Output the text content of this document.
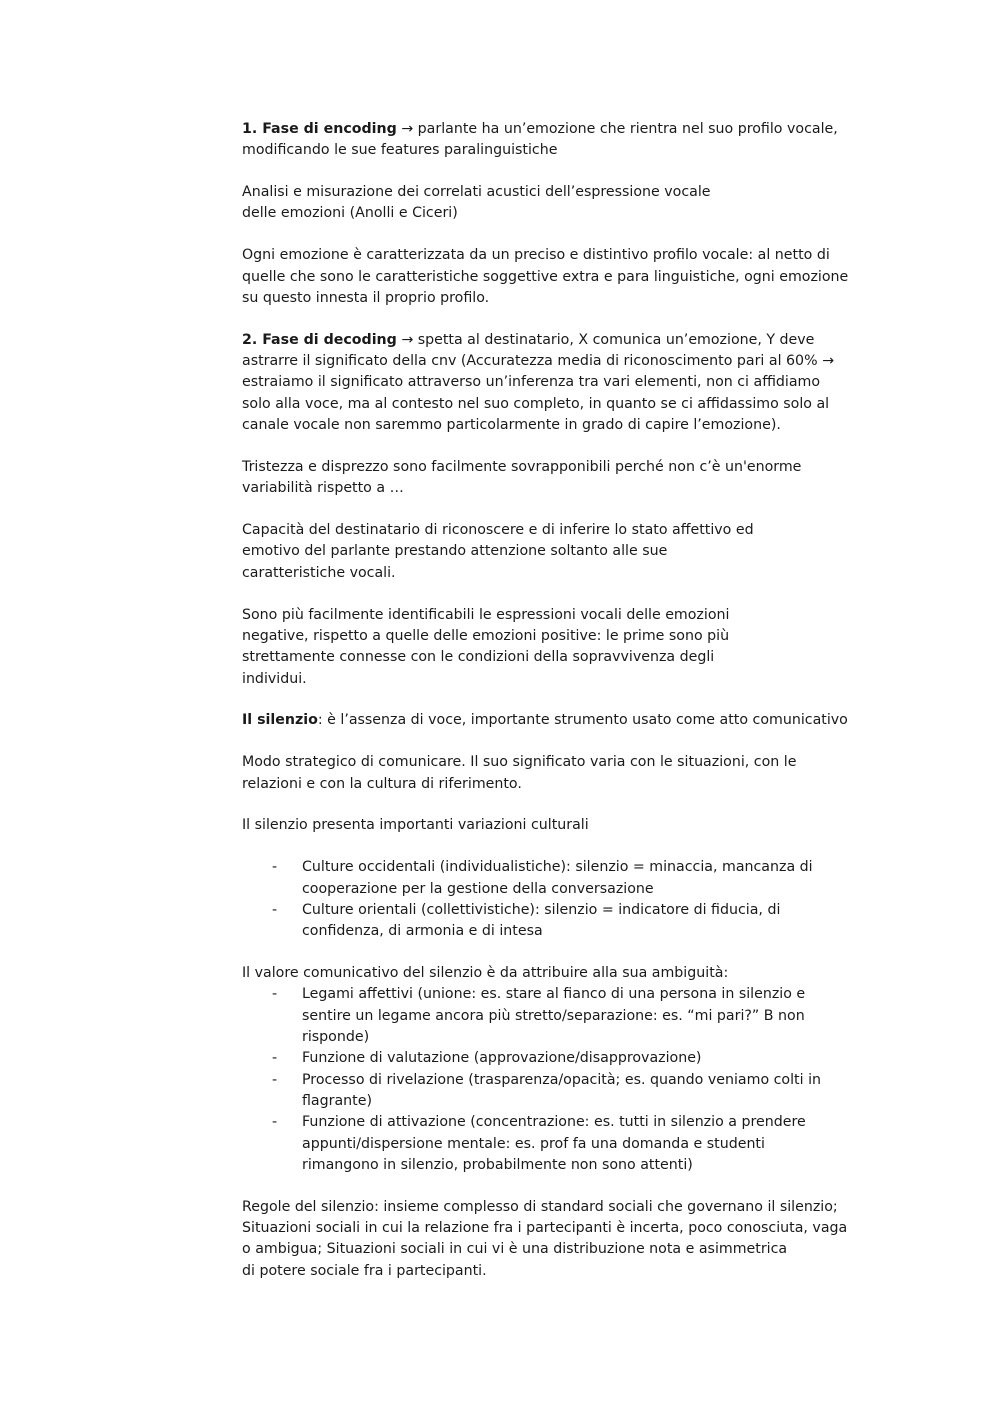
1. Fase di encoding → parlante ha un’emozione che rientra nel suo profilo vocale,
modificando le sue features paralinguistiche

Analisi e misurazione dei correlati acustici dell’espressione vocale
delle emozioni (Anolli e Ciceri)

Ogni emozione è caratterizzata da un preciso e distintivo profilo vocale: al netto di
quelle che sono le caratteristiche soggettive extra e para linguistiche, ogni emozione
su questo innesta il proprio profilo.

2. Fase di decoding → spetta al destinatario, X comunica un’emozione, Y deve
astrarre il significato della cnv (Accuratezza media di riconoscimento pari al 60% →
estraiamo il significato attraverso un’inferenza tra vari elementi, non ci affidiamo
solo alla voce, ma al contesto nel suo completo, in quanto se ci affidassimo solo al
canale vocale non saremmo particolarmente in grado di capire l’emozione).

Tristezza e disprezzo sono facilmente sovrapponibili perché non c’è un'enorme
variabilità rispetto a …

Capacità del destinatario di riconoscere e di inferire lo stato affettivo ed
emotivo del parlante prestando attenzione soltanto alle sue
caratteristiche vocali.

Sono più facilmente identificabili le espressioni vocali delle emozioni
negative, rispetto a quelle delle emozioni positive: le prime sono più
strettamente connesse con le condizioni della sopravvivenza degli
individui.

Il silenzio: è l’assenza di voce, importante strumento usato come atto comunicativo

Modo strategico di comunicare. Il suo significato varia con le situazioni, con le
relazioni e con la cultura di riferimento.

Il silenzio presenta importanti variazioni culturali

- Culture occidentali (individualistiche): silenzio = minaccia, mancanza di
cooperazione per la gestione della conversazione
- Culture orientali (collettivistiche): silenzio = indicatore di fiducia, di
confidenza, di armonia e di intesa

Il valore comunicativo del silenzio è da attribuire alla sua ambiguità:

- Legami affettivi (unione: es. stare al fianco di una persona in silenzio e
sentire un legame ancora più stretto/separazione: es. “mi pari?” B non
risponde)
- Funzione di valutazione (approvazione/disapprovazione)
- Processo di rivelazione (trasparenza/opacità; es. quando veniamo colti in
flagrante)
- Funzione di attivazione (concentrazione: es. tutti in silenzio a prendere
appunti/dispersione mentale: es. prof fa una domanda e studenti
rimangono in silenzio, probabilmente non sono attenti)

Regole del silenzio: insieme complesso di standard sociali che governano il silenzio;
Situazioni sociali in cui la relazione fra i partecipanti è incerta, poco conosciuta, vaga
o ambigua; Situazioni sociali in cui vi è una distribuzione nota e asimmetrica
di potere sociale fra i partecipanti.
